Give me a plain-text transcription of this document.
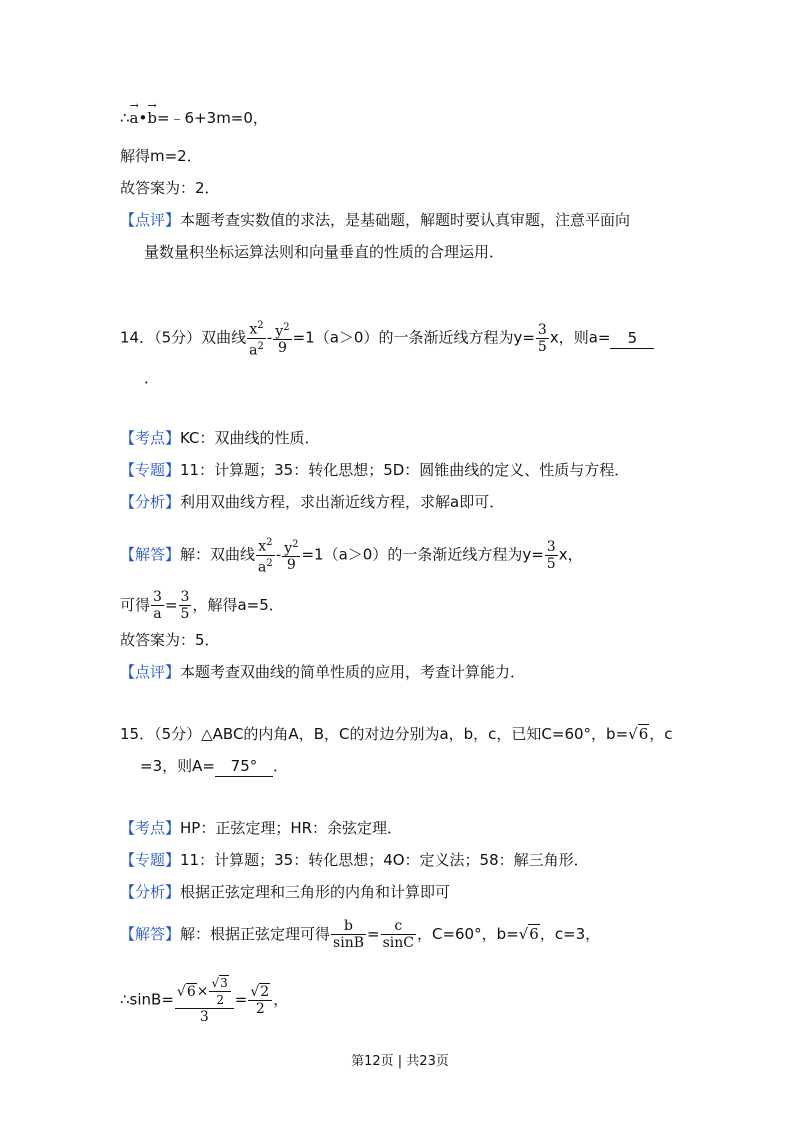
∴→ a•→ b=﹣6+3m=0，
解得m=2．
故答案为：2．
【点评】本题考查实数值的求法，是基础题，解题时要认真审题，注意平面向
量数量积坐标运算法则和向量垂直的性质的合理运用．
14．（5分）双曲线 $\frac{x^2}{a^2} - \frac{y^2}{9} =1(a>0)$的一条渐近线方程为$y= \frac{3}{5}$ x，则a= 5
．
【考点】KC：双曲线的性质．
【专题】11：计算题；35：转化思想；5D：圆锥曲线的定义、性质与方程．
【分析】利用双曲线方程，求出渐近线方程，求解a即可．
【解答】解：双曲线 $\frac{x^2}{a^2} - \frac{y^2}{9} =1(a>0)$的一条渐近线方程为$y= \frac{3}{5}$ x，
可得 $\frac{3}{a} = \frac{3}{5}$ ，解得a=5．
故答案为：5．
【点评】本题考查双曲线的简单性质的应用，考查计算能力．
15．（5分）△ABC的内角A，B，C的对边分别为a，b，c，已知C=60°，b=√6，c
=3，则A= 75° ．
【考点】HP：正弦定理；HR：余弦定理．
【专题】11：计算题；35：转化思想；4O：定义法；58：解三角形．
【分析】根据正弦定理和三角形的内角和计算即可
【解答】解：根据正弦定理可得 $\frac{b}{\sin B} = \frac{c}{\sin C}$ ，C=60°，b=√6，c=3，
∴sinB= $\frac{√6\times \frac{√3}{2}}{3} = \frac{√2}{2}$ ，
第12页 | 共23页
